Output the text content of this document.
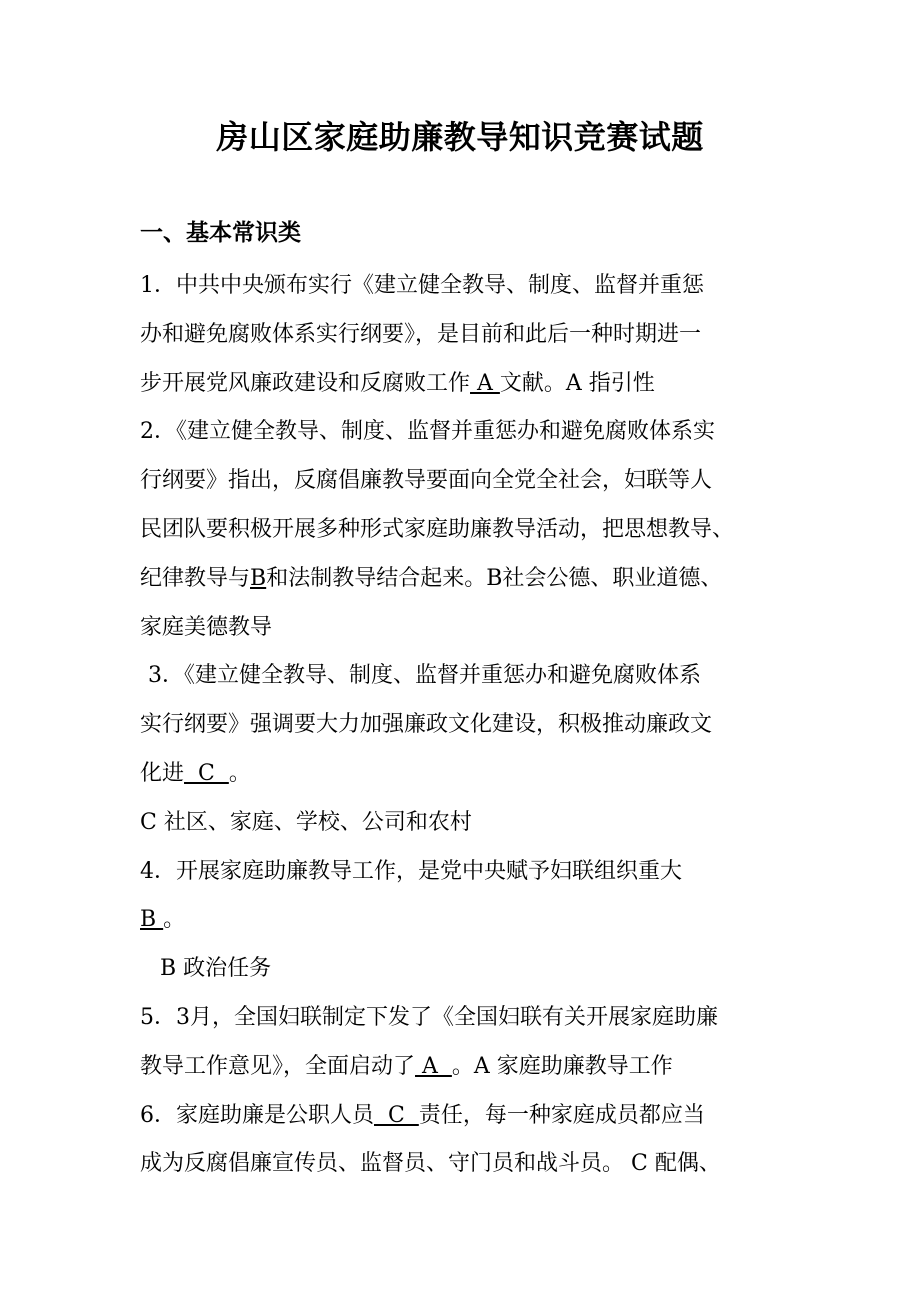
房山区家庭助廉教导知识竞赛试题
一、基本常识类
1．中共中央颁布实行《建立健全教导、制度、监督并重惩
办和避免腐败体系实行纲要》，是目前和此后一种时期进一
步开展党风廉政建设和反腐败工作 A 文献。A 指引性
2．《建立健全教导、制度、监督并重惩办和避免腐败体系实
行纲要》指出，反腐倡廉教导要面向全党全社会，妇联等人
民团队要积极开展多种形式家庭助廉教导活动，把思想教导、
纪律教导与B和法制教导结合起来。B社会公德、职业道德、
家庭美德教导
3．《建立健全教导、制度、监督并重惩办和避免腐败体系
实行纲要》强调要大力加强廉政文化建设，积极推动廉政文
化进  C  。
C 社区、家庭、学校、公司和农村
4．开展家庭助廉教导工作，是党中央赋予妇联组织重大
B 。
B 政治任务
5．3月，全国妇联制定下发了《全国妇联有关开展家庭助廉
教导工作意见》，全面启动了 A  。A 家庭助廉教导工作
6．家庭助廉是公职人员  C  责任，每一种家庭成员都应当
成为反腐倡廉宣传员、监督员、守门员和战斗员。 C 配偶、
